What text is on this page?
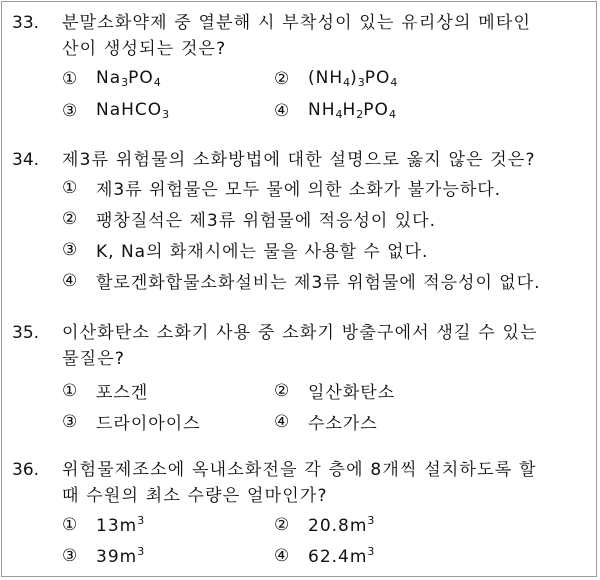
33.	분말소화약제 중 열분해 시 부착성이 있는 유리상의 메타인
산이 생성되는 것은?
①	$Na_3PO_4$	②	$(NH_4)_3PO_4$
③	NaHCO$_3$	④	$NH_4H_2PO_4$
34.	제3류 위험물의 소화방법에 대한 설명으로 옳지 않은 것은?
①	제3류 위험물은 모두 물에 의한 소화가 불가능하다.
②	팽창질석은 제3류 위험물에 적응성이 있다.
③	K, Na의 화재시에는 물을 사용할 수 없다.
④	할로겐화합물소화설비는 제3류 위험물에 적응성이 없다.
35.	이산화탄소 소화기 사용 중 소화기 방출구에서 생길 수 있는
물질은?
①	포스겐	②	일산화탄소
③	드라이아이스	④	수소가스
36.	위험물제조소에 옥내소화전을 각 층에 8개씩 설치하도록 할
때 수원의 최소 수량은 얼마인가?
①	$13m^3$	②	$20.8m^3$
③	$39m^3$	④	$62.4m^3$
